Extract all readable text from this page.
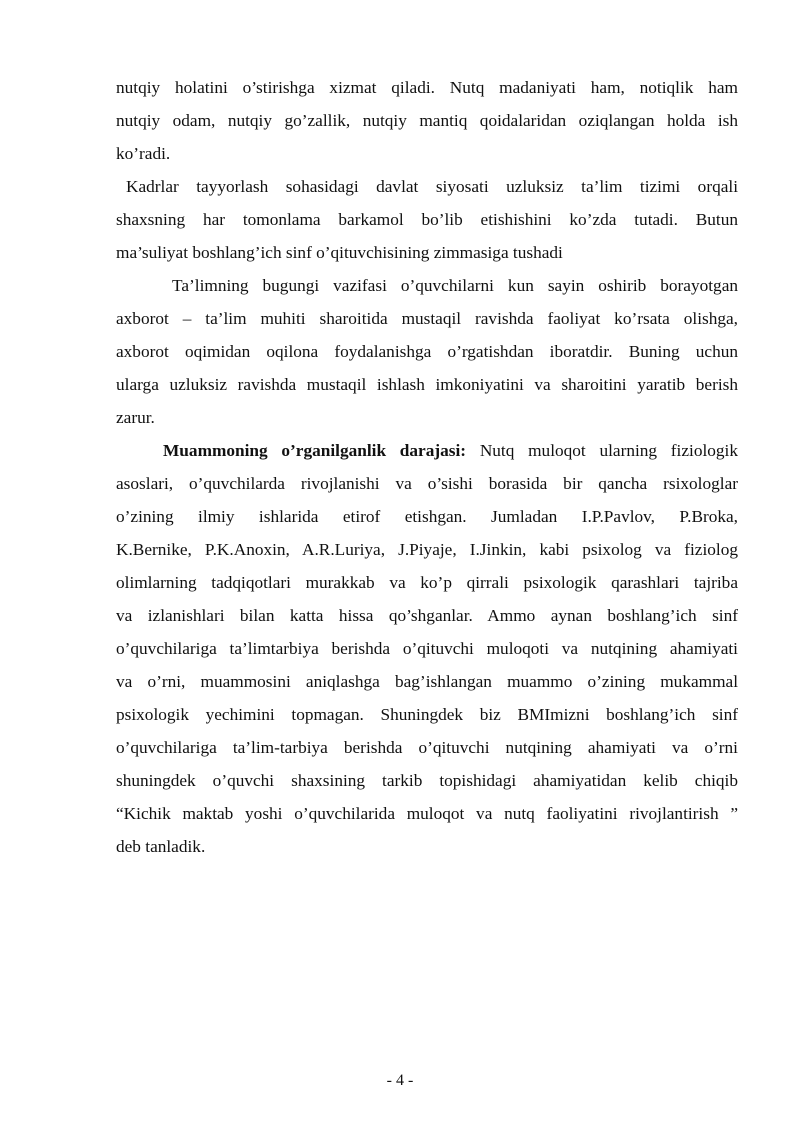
nutqiy holatini o’stirishga xizmat qiladi. Nutq madaniyati ham, notiqlik ham
nutqiy odam, nutqiy go’zallik, nutqiy mantiq qoidalaridan oziqlangan holda ish
ko’radi.
Kadrlar tayyorlash sohasidagi davlat siyosati uzluksiz ta’lim tizimi orqali
shaxsning har tomonlama barkamol bo’lib etishishini ko’zda tutadi. Butun
ma’suliyat boshlang’ich sinf o’qituvchisining zimmasiga tushadi
Ta’limning bugungi vazifasi o’quvchilarni kun sayin oshirib borayotgan
axborot – ta’lim muhiti sharoitida mustaqil ravishda faoliyat ko’rsata olishga,
axborot oqimidan oqilona foydalanishga o’rgatishdan iboratdir. Buning uchun
ularga uzluksiz ravishda mustaqil ishlash imkoniyatini va sharoitini yaratib berish
zarur.
Muammoning o’rganilganlik darajasi: Nutq muloqot ularning fiziologik
asoslari, o’quvchilarda rivojlanishi va o’sishi borasida bir qancha rsixologlar
o’zining ilmiy ishlarida etirof etishgan. Jumladan I.P.Pavlov, P.Broka,
K.Bernike, P.K.Anoxin, A.R.Luriya, J.Piyaje, I.Jinkin, kabi psixolog va fiziolog
olimlarning tadqiqotlari murakkab va ko’p qirrali psixologik qarashlari tajriba
va izlanishlari bilan katta hissa qo’shganlar. Ammo aynan boshlang’ich sinf
o’quvchilariga ta’limtarbiya berishda o’qituvchi muloqoti va nutqining ahamiyati
va o’rni, muammosini aniqlashga bag’ishlangan muammo o’zining mukammal
psixologik yechimini topmagan. Shuningdek biz BMImizni boshlang’ich sinf
o’quvchilariga ta’lim-tarbiya berishda o’qituvchi nutqining ahamiyati va o’rni
shuningdek o’quvchi shaxsining tarkib topishidagi ahamiyatidan kelib chiqib
“Kichik maktab yoshi o’quvchilarida muloqot va nutq faoliyatini rivojlantirish ”
deb tanladik.
- 4 -
